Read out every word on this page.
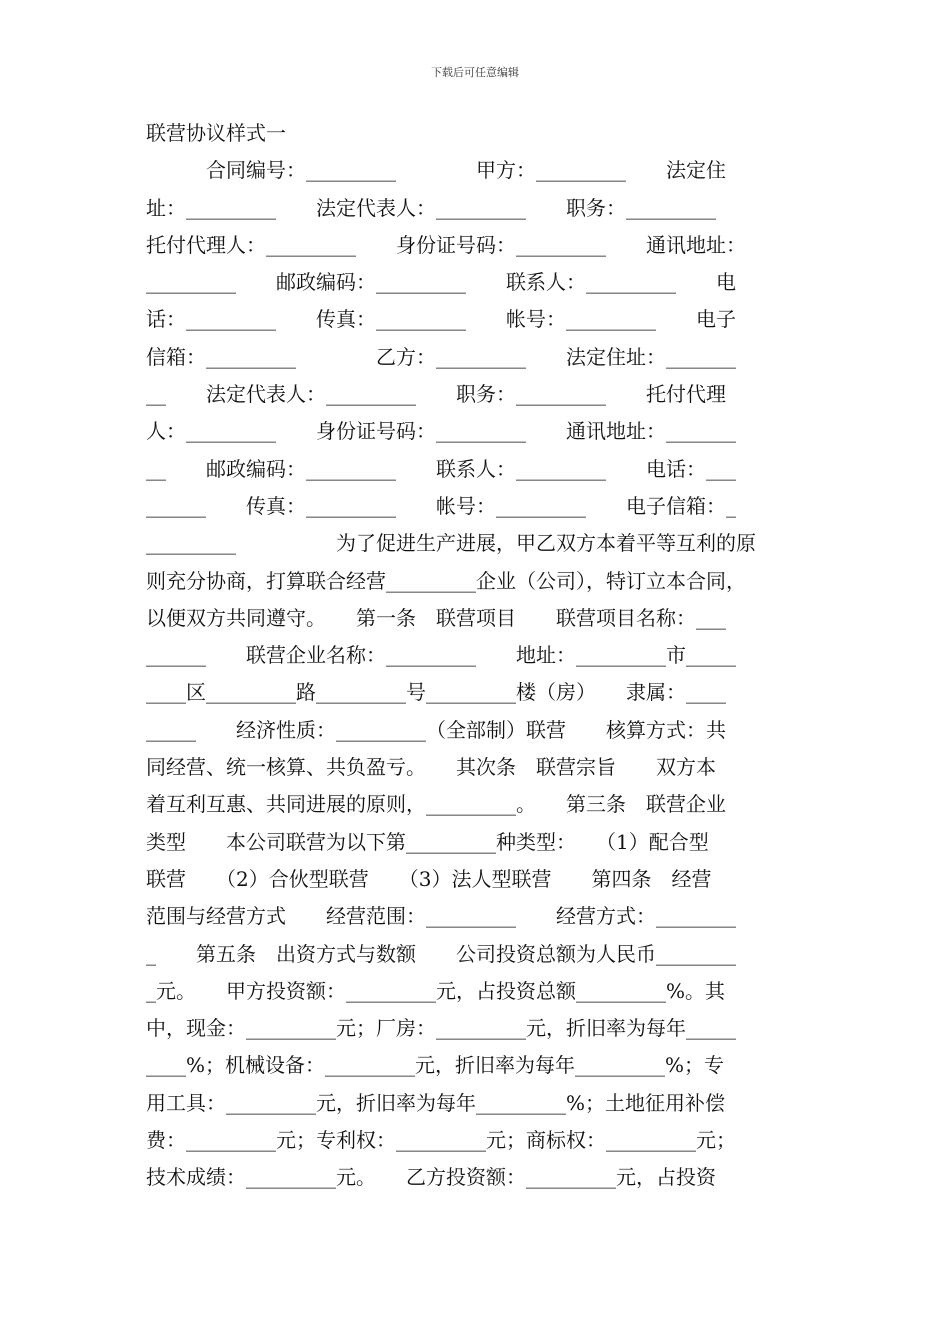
下载后可任意编辑
联营协议样式一
　　　合同编号：_________　　　　甲方：_________　　法定住
址：_________　　法定代表人：_________　　职务：_________
托付代理人：_________　　身份证号码：_________　　通讯地址：
_________　　邮政编码：_________　　联系人：_________　　电
话：_________　　传真：_________　　帐号：_________　　电子
信箱：_________　　　　乙方：_________　　法定住址：_______
__　　法定代表人：_________　　职务：_________　　托付代理
人：_________　　身份证号码：_________　　通讯地址：_______
__　　邮政编码：_________　　联系人：_________　　电话：___
______　　传真：_________　　帐号：_________　　电子信箱：_
_________　　　　　为了促进生产进展，甲乙双方本着平等互利的原
则充分协商，打算联合经营_________企业（公司），特订立本合同，
以便双方共同遵守。　　第一条　联营项目　　联营项目名称：___
______　　联营企业名称：_________　　地址：_________市_____
____区_________路_________号_________楼（房）　　隶属：____
_____　　经济性质：_________（全部制）联营　　核算方式：共
同经营、统一核算、共负盈亏。　　其次条　联营宗旨　　双方本
着互利互惠、共同进展的原则，_________。　　第三条　联营企业
类型　　本公司联营为以下第_________种类型：　　（1）配合型
联营　　（2）合伙型联营　　（3）法人型联营　　第四条　经营
范围与经营方式　　经营范围：_________　　经营方式：________
_　　第五条　出资方式与数额　　公司投资总额为人民币________
_元。　　甲方投资额：_________元，占投资总额_________%。其
中，现金：_________元；厂房：_________元，折旧率为每年_____
____%；机械设备：_________元，折旧率为每年_________%；专
用工具：_________元，折旧率为每年_________%；土地征用补偿
费：_________元；专利权：_________元；商标权：_________元；
技术成绩：_________元。　　乙方投资额：_________元，占投资
